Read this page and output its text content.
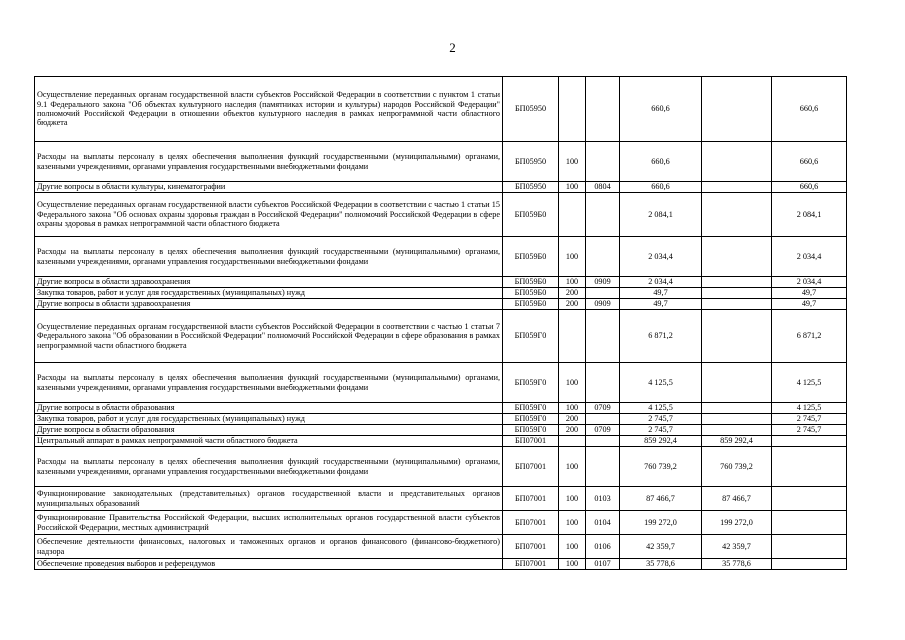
2
Осуществление переданных органам государственной власти субъектов Российской Федерации в соответствии с пунктом 1 статьи 9.1 Федерального закона "Об объектах культурного наследия (памятниках истории и культуры) народов Российской Федерации" полномочий Российской Федерации в отношении объектов культурного наследия в рамках непрограммной части областного бюджета	БП05950			660,6		660,6
Расходы на выплаты персоналу в целях обеспечения выполнения функций государственными (муниципальными) органами, казенными учреждениями, органами управления государственными внебюджетными фондами	БП05950	100		660,6		660,6
Другие вопросы в области культуры, кинематографии	БП05950	100	0804	660,6		660,6
Осуществление переданных органам государственной власти субъектов Российской Федерации в соответствии с частью 1 статьи 15 Федерального закона "Об основах охраны здоровья граждан в Российской Федерации" полномочий Российской Федерации в сфере охраны здоровья в рамках непрограммной части областного бюджета	БП059Б0			2 084,1		2 084,1
Расходы на выплаты персоналу в целях обеспечения выполнения функций государственными (муниципальными) органами, казенными учреждениями, органами управления государственными внебюджетными фондами	БП059Б0	100		2 034,4		2 034,4
Другие вопросы в области здравоохранения	БП059Б0	100	0909	2 034,4		2 034,4
Закупка товаров, работ и услуг для государственных (муниципальных) нужд	БП059Б0	200		49,7		49,7
Другие вопросы в области здравоохранения	БП059Б0	200	0909	49,7		49,7
Осуществление переданных органам государственной власти субъектов Российской Федерации в соответствии с частью 1 статьи 7 Федерального закона "Об образовании в Российской Федерации" полномочий Российской Федерации в сфере образования в рамках непрограммной части областного бюджета	БП059Г0			6 871,2		6 871,2
Расходы на выплаты персоналу в целях обеспечения выполнения функций государственными (муниципальными) органами, казенными учреждениями, органами управления государственными внебюджетными фондами	БП059Г0	100		4 125,5		4 125,5
Другие вопросы в области образования	БП059Г0	100	0709	4 125,5		4 125,5
Закупка товаров, работ и услуг для государственных (муниципальных) нужд	БП059Г0	200		2 745,7		2 745,7
Другие вопросы в области образования	БП059Г0	200	0709	2 745,7		2 745,7
Центральный аппарат в рамках непрограммной части областного бюджета	БП07001			859 292,4	859 292,4	
Расходы на выплаты персоналу в целях обеспечения выполнения функций государственными (муниципальными) органами, казенными учреждениями, органами управления государственными внебюджетными фондами	БП07001	100		760 739,2	760 739,2	
Функционирование законодательных (представительных) органов государственной власти и представительных органов муниципальных образований	БП07001	100	0103	87 466,7	87 466,7	
Функционирование Правительства Российской Федерации, высших исполнительных органов государственной власти субъектов Российской Федерации, местных администраций	БП07001	100	0104	199 272,0	199 272,0	
Обеспечение деятельности финансовых, налоговых и таможенных органов и органов финансового (финансово-бюджетного) надзора	БП07001	100	0106	42 359,7	42 359,7	
Обеспечение проведения выборов и референдумов	БП07001	100	0107	35 778,6	35 778,6	
